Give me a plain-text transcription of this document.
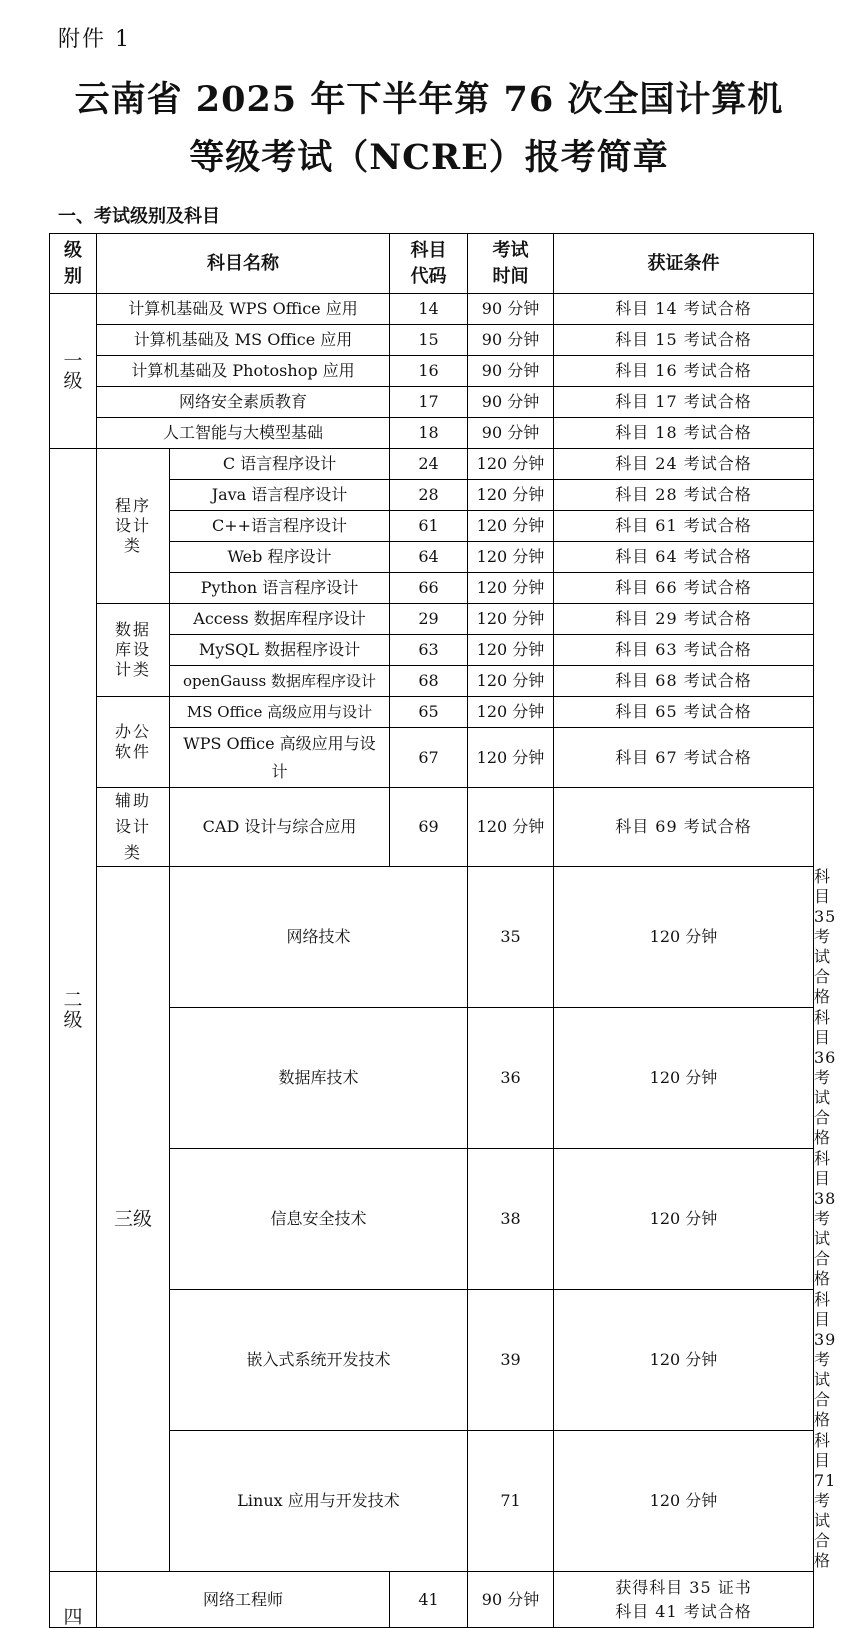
附件 1
云南省 2025 年下半年第 76 次全国计算机
等级考试（NCRE）报考简章
一、考试级别及科目
级别	科目名称		科目代码	考试时间	获证条件	
一级	计算机基础及 WPS Office 应用		14	90 分钟	科目 14 考试合格	
	计算机基础及 MS Office 应用		15	90 分钟	科目 15 考试合格	
	计算机基础及 Photoshop 应用		16	90 分钟	科目 16 考试合格	
	网络安全素质教育		17	90 分钟	科目 17 考试合格	
	人工智能与大模型基础		18	90 分钟	科目 18 考试合格	
二级	程序设计类	C 语言程序设计	24	120 分钟	科目 24 考试合格	
		Java 语言程序设计	28	120 分钟	科目 28 考试合格	
		C++语言程序设计	61	120 分钟	科目 61 考试合格	
		Web 程序设计	64	120 分钟	科目 64 考试合格	
		Python 语言程序设计	66	120 分钟	科目 66 考试合格	
	数据库设计类	Access 数据库程序设计	29	120 分钟	科目 29 考试合格	
		MySQL 数据程序设计	63	120 分钟	科目 63 考试合格	
		openGauss 数据库程序设计	68	120 分钟	科目 68 考试合格	
	办公软件	MS Office 高级应用与设计	65	120 分钟	科目 65 考试合格	
		WPS Office 高级应用与设计	67	120 分钟	科目 67 考试合格	
	辅助设计类	CAD 设计与综合应用	69	120 分钟	科目 69 考试合格	
	三级	网络技术		35	120 分钟	科目 35 考试合格
		数据库技术		36	120 分钟	科目 36 考试合格
		信息安全技术		38	120 分钟	科目 38 考试合格
		嵌入式系统开发技术		39	120 分钟	科目 39 考试合格
		Linux 应用与开发技术		71	120 分钟	科目 71 考试合格
四	网络工程师		41	90 分钟	获得科目 35 证书 科目 41 考试合格	
